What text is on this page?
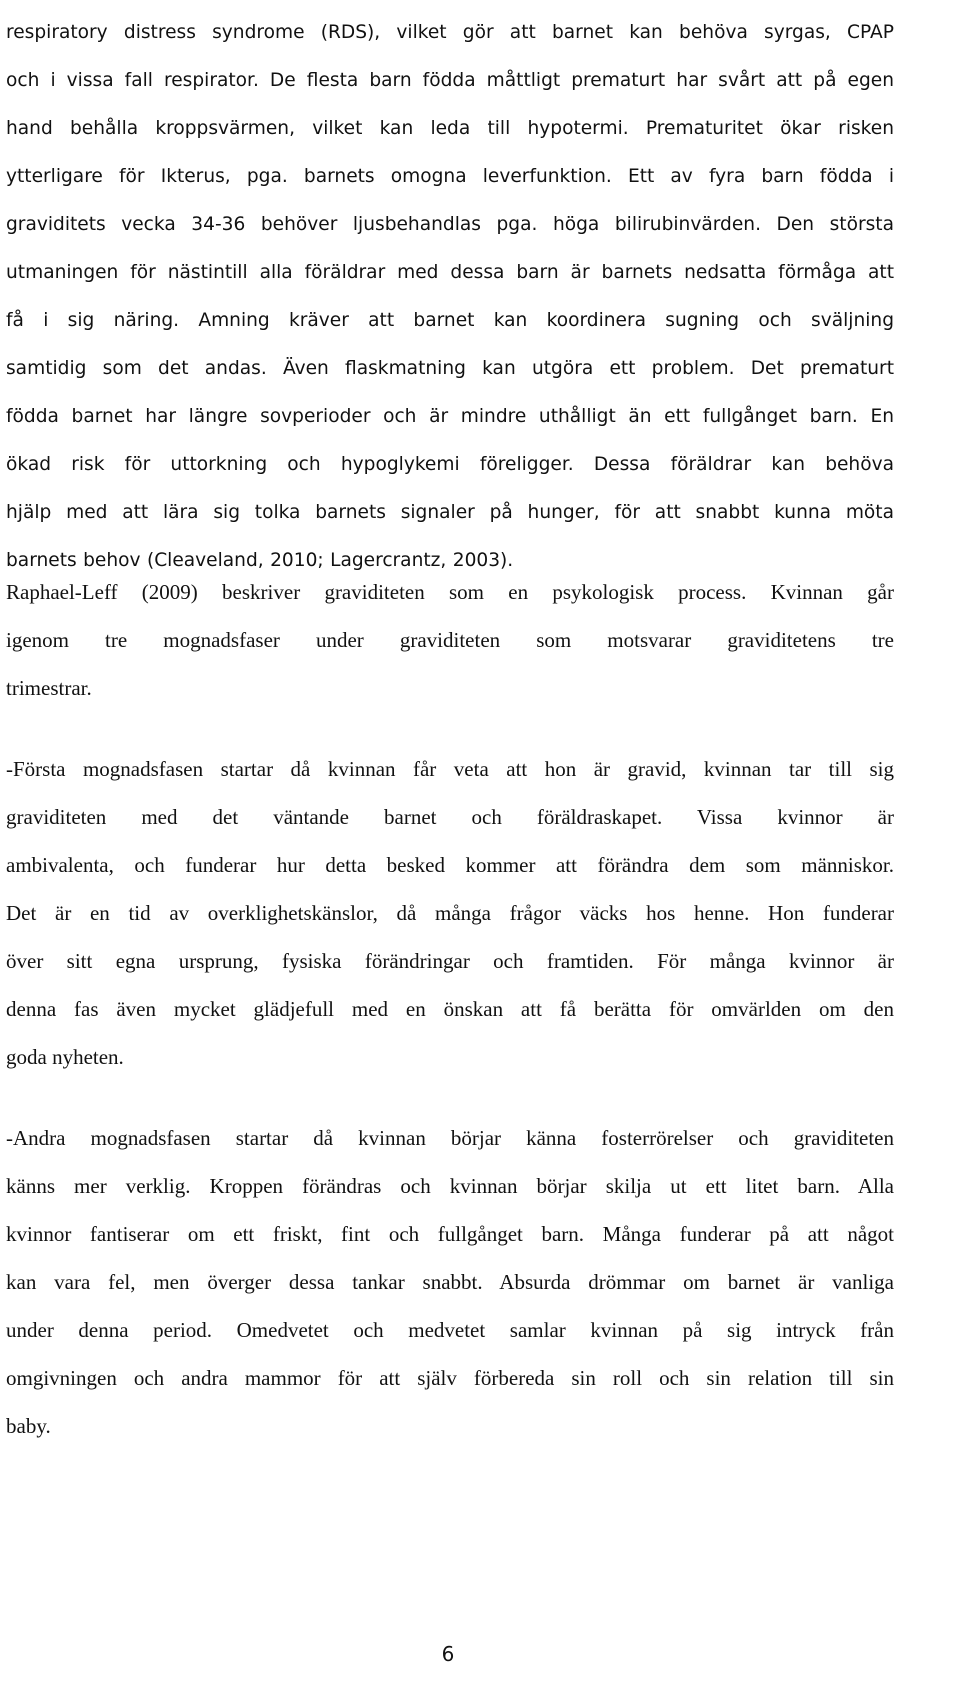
respiratory distress syndrome (RDS), vilket gör att barnet kan behöva syrgas, CPAP
och i vissa fall respirator. De flesta barn födda måttligt prematurt har svårt att på egen
hand behålla kroppsvärmen, vilket kan leda till hypotermi. Prematuritet ökar risken
ytterligare för Ikterus, pga. barnets omogna leverfunktion. Ett av fyra barn födda i
graviditets vecka 34-36 behöver ljusbehandlas pga. höga bilirubinvärden. Den största
utmaningen för nästintill alla föräldrar med dessa barn är barnets nedsatta förmåga att
få i sig näring. Amning kräver att barnet kan koordinera sugning och sväljning
samtidig som det andas. Även flaskmatning kan utgöra ett problem. Det prematurt
födda barnet har längre sovperioder och är mindre uthålligt än ett fullgånget barn. En
ökad risk för uttorkning och hypoglykemi föreligger. Dessa föräldrar kan behöva
hjälp med att lära sig tolka barnets signaler på hunger, för att snabbt kunna möta
barnets behov (Cleaveland, 2010; Lagercrantz, 2003).

Raphael-Leff (2009) beskriver graviditeten som en psykologisk process. Kvinnan går
igenom tre mognadsfaser under graviditeten som motsvarar graviditetens tre
trimestrar.

-Första mognadsfasen startar då kvinnan får veta att hon är gravid, kvinnan tar till sig
graviditeten med det väntande barnet och föräldraskapet. Vissa kvinnor är
ambivalenta, och funderar hur detta besked kommer att förändra dem som människor.
Det är en tid av overklighetskänslor, då många frågor väcks hos henne. Hon funderar
över sitt egna ursprung, fysiska förändringar och framtiden. För många kvinnor är
denna fas även mycket glädjefull med en önskan att få berätta för omvärlden om den
goda nyheten.

-Andra mognadsfasen startar då kvinnan börjar känna fosterrörelser och graviditeten
känns mer verklig. Kroppen förändras och kvinnan börjar skilja ut ett litet barn. Alla
kvinnor fantiserar om ett friskt, fint och fullgånget barn. Många funderar på att något
kan vara fel, men överger dessa tankar snabbt. Absurda drömmar om barnet är vanliga
under denna period. Omedvetet och medvetet samlar kvinnan på sig intryck från
omgivningen och andra mammor för att själv förbereda sin roll och sin relation till sin
baby.

6
